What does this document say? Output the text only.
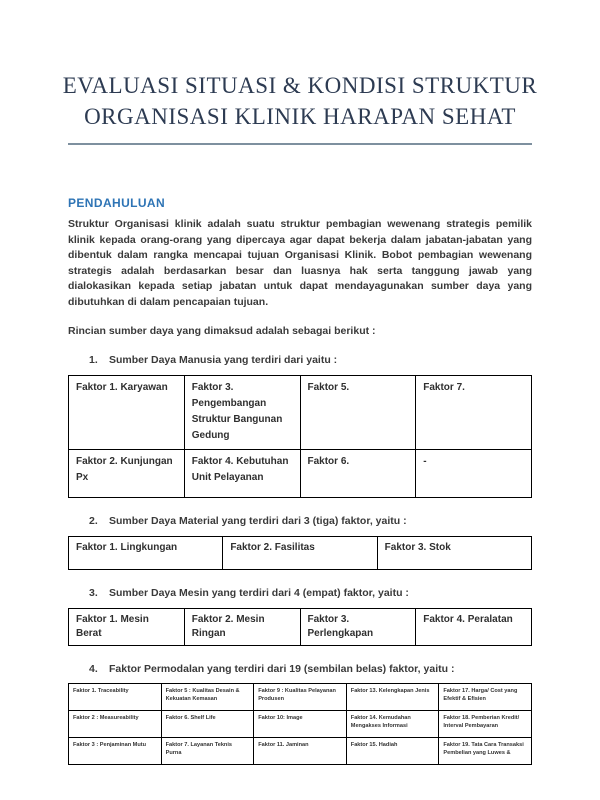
EVALUASI SITUASI & KONDISI STRUKTUR
ORGANISASI KLINIK HARAPAN SEHAT
PENDAHULUAN
Struktur Organisasi klinik adalah suatu struktur pembagian wewenang strategis pemilik klinik kepada orang-orang yang dipercaya agar dapat bekerja dalam jabatan-jabatan yang dibentuk dalam rangka mencapai tujuan Organisasi Klinik. Bobot pembagian wewenang strategis adalah berdasarkan besar dan luasnya hak serta tanggung jawab yang dialokasikan kepada setiap jabatan untuk dapat mendayagunakan sumber daya yang dibutuhkan di dalam pencapaian tujuan.
Rincian sumber daya yang dimaksud adalah sebagai berikut :
1. Sumber Daya Manusia yang terdiri dari yaitu :
Faktor 1. Karyawan	Faktor 3. Pengembangan Struktur Bangunan Gedung	Faktor 5.	Faktor 7.
Faktor 2. Kunjungan Px	Faktor 4. Kebutuhan Unit Pelayanan	Faktor 6.	-
2. Sumber Daya Material yang terdiri dari 3 (tiga) faktor, yaitu :
Faktor 1. Lingkungan	Faktor 2. Fasilitas	Faktor 3. Stok
3. Sumber Daya Mesin yang terdiri dari 4 (empat) faktor, yaitu :
Faktor 1. Mesin Berat	Faktor 2. Mesin Ringan	Faktor 3. Perlengkapan	Faktor 4. Peralatan
4. Faktor Permodalan yang terdiri dari 19 (sembilan belas) faktor, yaitu :
Faktor 1. Traceability	Faktor 5 : Kualitas Desain & Kekuatan Kemasan	Faktor 9 : Kualitas Pelayanan Produsen	Faktor 13. Kelengkapan Jenis	Faktor 17. Harga/ Cost yang Efektif & Efisien
Faktor 2 : Measureability	Faktor 6. Shelf Life	Faktor 10: Image	Faktor 14. Kemudahan Mengakses Informasi	Faktor 18. Pemberian Kredit/ Interval Pembayaran
Faktor 3 : Penjaminan Mutu	Faktor 7. Layanan Teknis Purna	Faktor 11. Jaminan	Faktor 15. Hadiah	Faktor 19. Tata Cara Transaksi Pembelian yang Luwes &
